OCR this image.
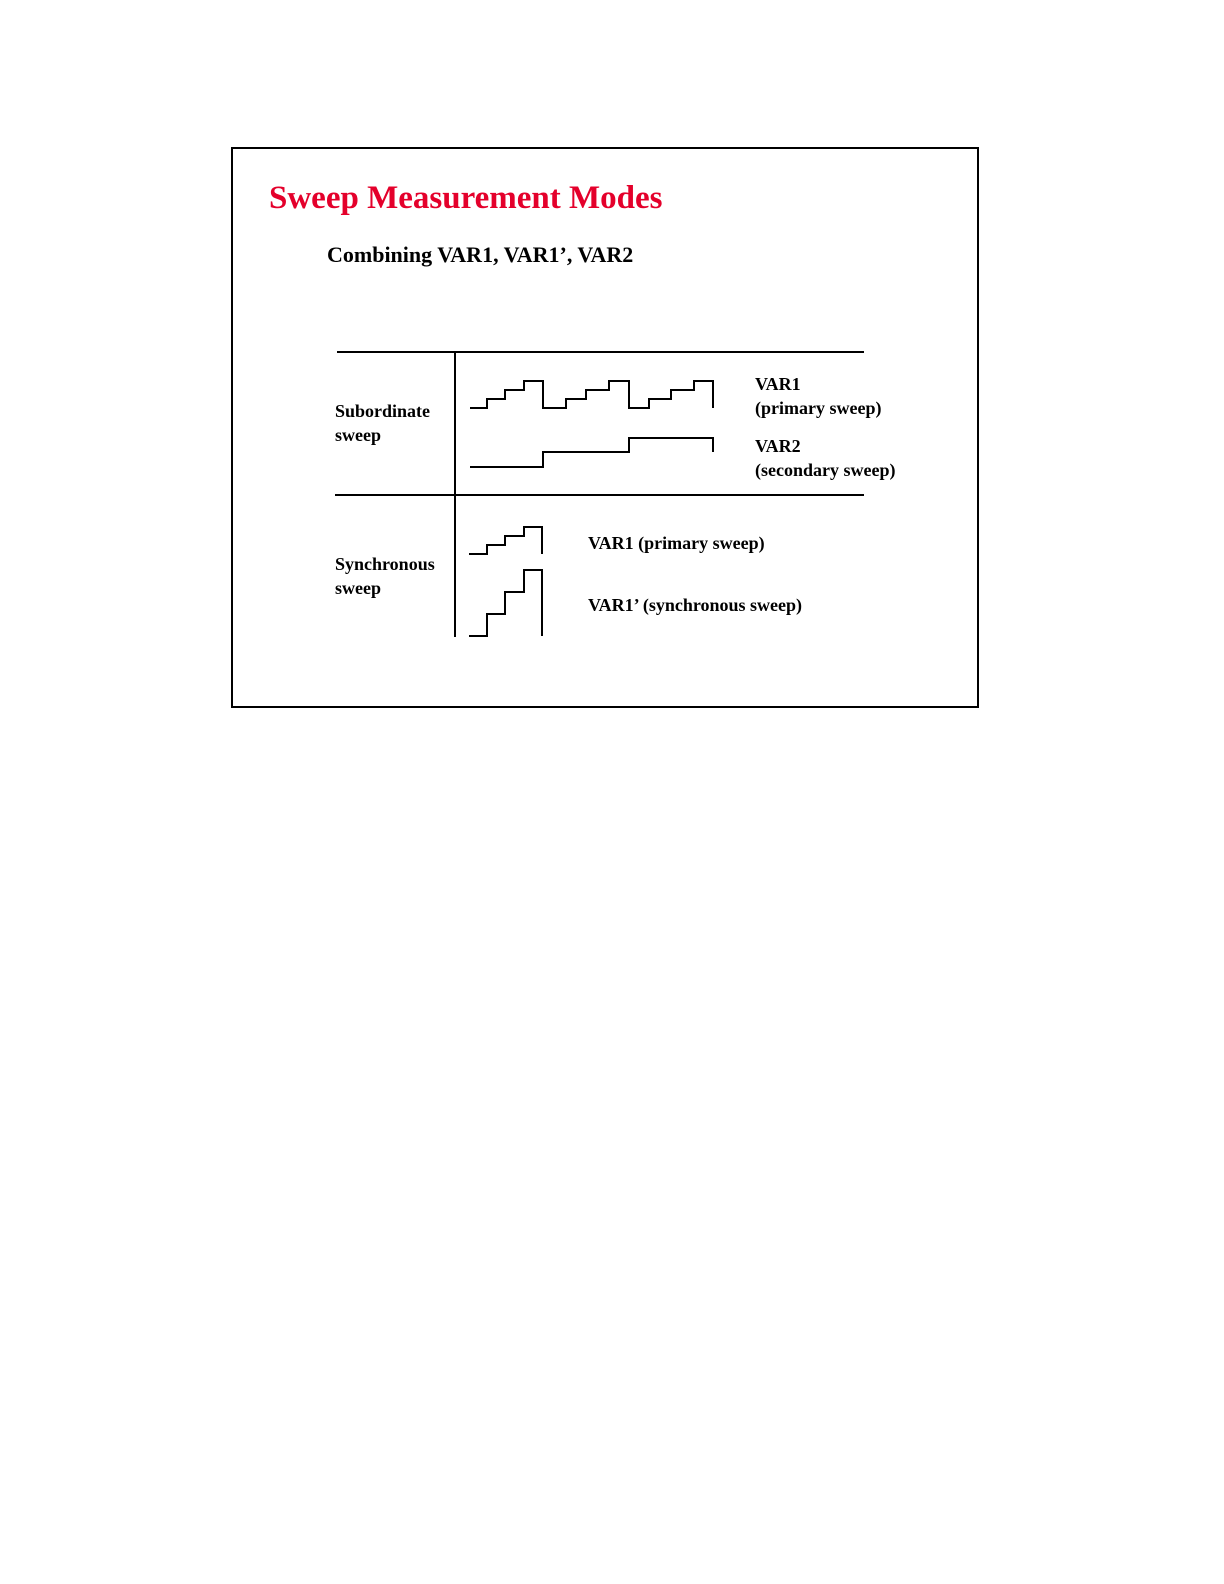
Sweep Measurement Modes
Combining VAR1, VAR1’, VAR2
Subordinate
sweep
VAR1
(primary sweep)
VAR2
(secondary sweep)
Synchronous
sweep
VAR1 (primary sweep)
VAR1’ (synchronous sweep)
